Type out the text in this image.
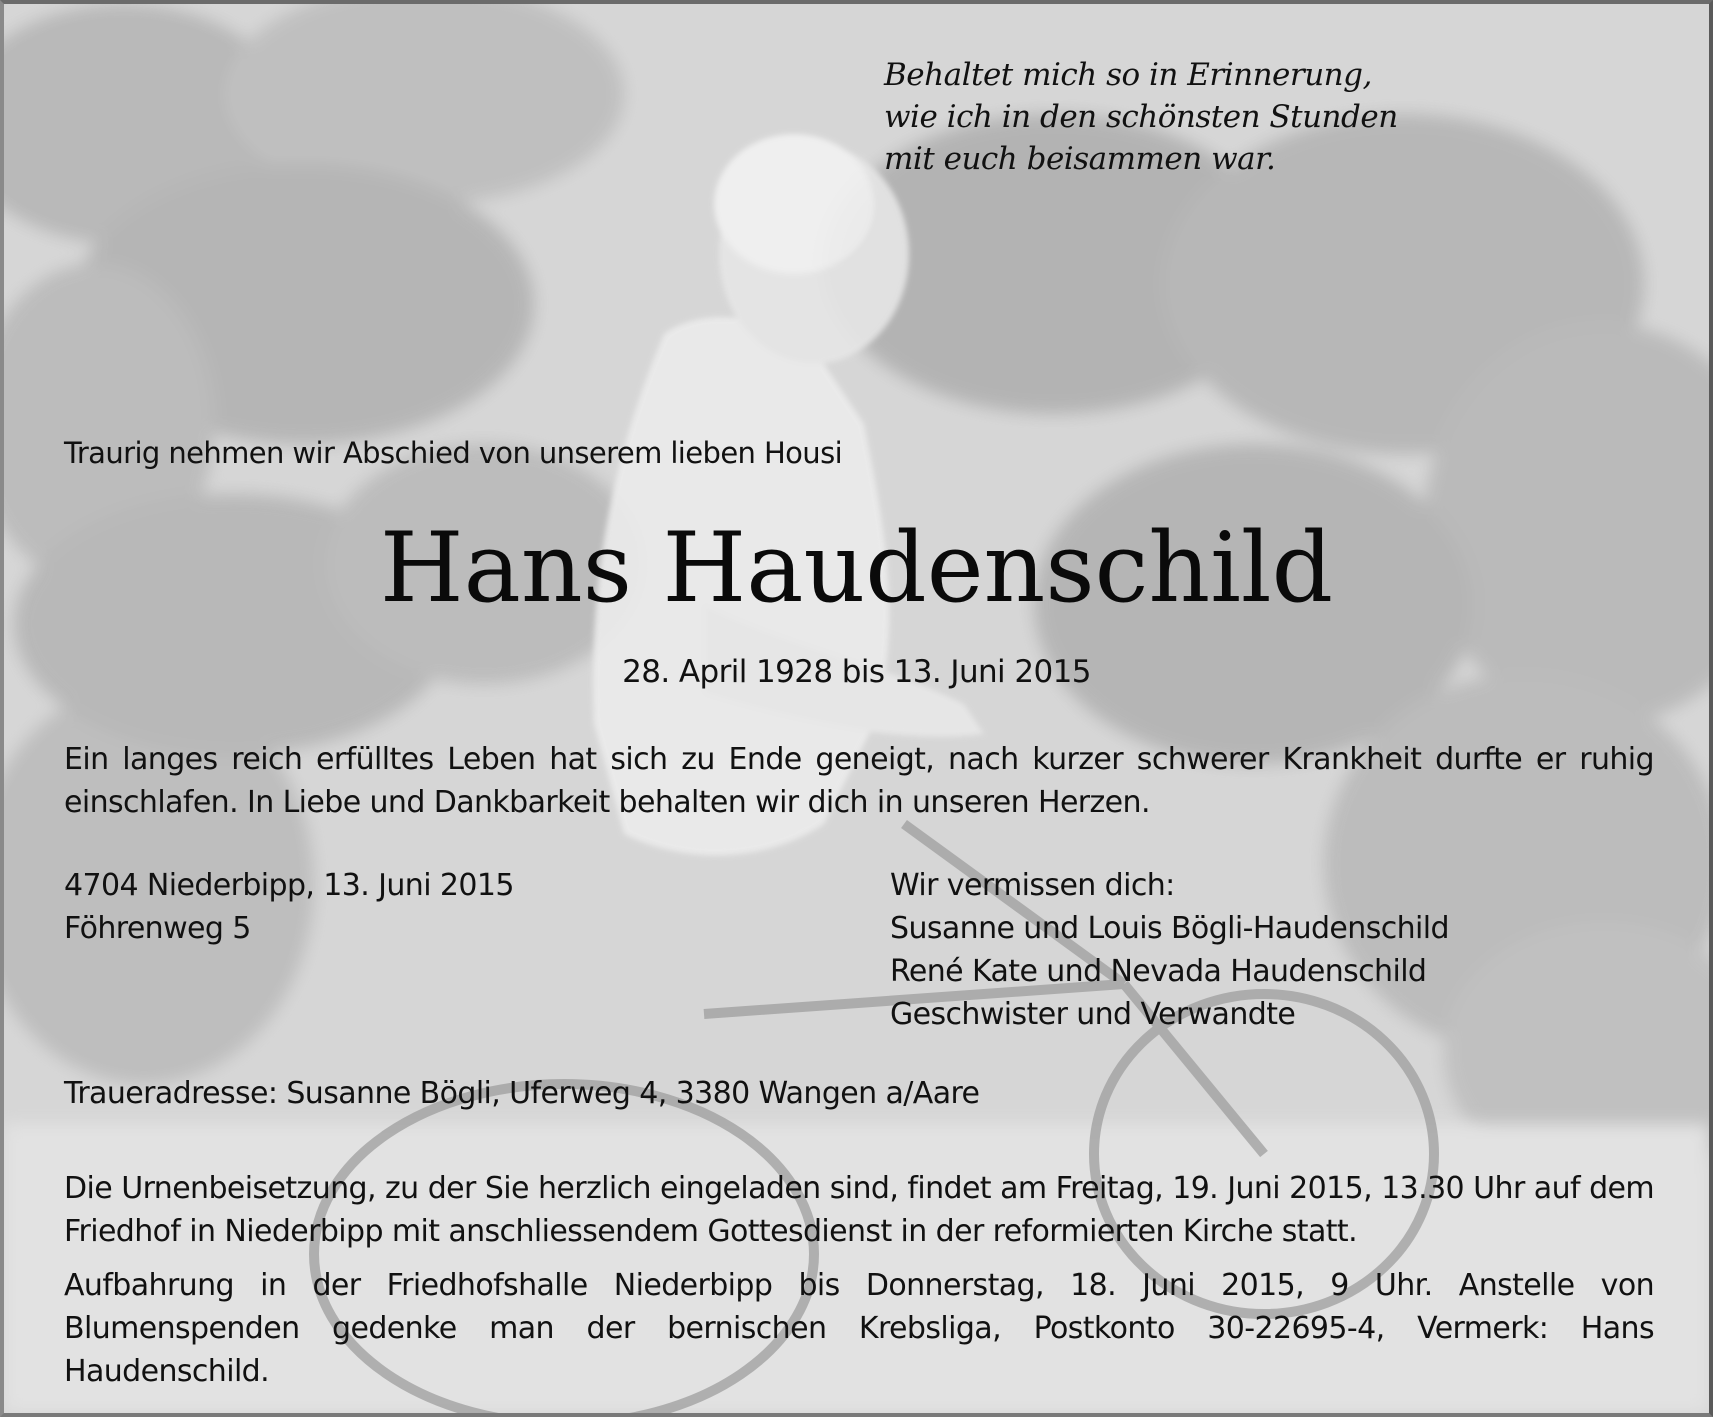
Behaltet mich so in Erinnerung,
wie ich in den schönsten Stunden
mit euch beisammen war.
Traurig nehmen wir Abschied von unserem lieben Housi
Hans Haudenschild
28. April 1928 bis 13. Juni 2015
Ein langes reich erfülltes Leben hat sich zu Ende geneigt, nach kurzer schwerer Krankheit durfte er ruhig einschlafen. In Liebe und Dankbarkeit behalten wir dich in unseren Herzen.
4704 Niederbipp, 13. Juni 2015
Föhrenweg 5
Wir vermissen dich:
Susanne und Louis Bögli-Haudenschild
René Kate und Nevada Haudenschild
Geschwister und Verwandte
Traueradresse: Susanne Bögli, Uferweg 4, 3380 Wangen a/Aare
Die Urnenbeisetzung, zu der Sie herzlich eingeladen sind, findet am Freitag, 19. Juni 2015, 13.30 Uhr auf dem Friedhof in Niederbipp mit anschliessendem Gottesdienst in der reformierten Kirche statt.
Aufbahrung in der Friedhofshalle Niederbipp bis Donnerstag, 18. Juni 2015, 9 Uhr. Anstelle von Blumenspenden gedenke man der bernischen Krebsliga, Postkonto 30-22695-4, Vermerk: Hans Haudenschild.
